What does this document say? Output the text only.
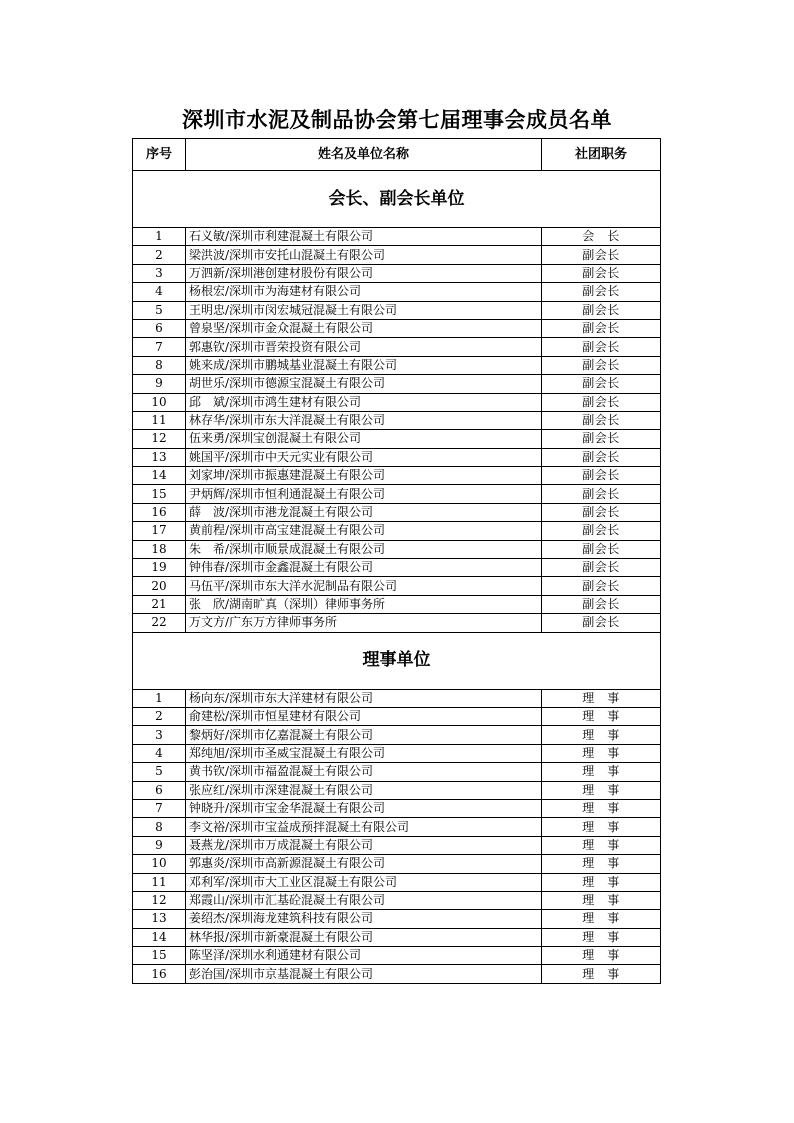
深圳市水泥及制品协会第七届理事会成员名单
序号	姓名及单位名称	社团职务
会长、副会长单位		
1	石义敏/深圳市利建混凝土有限公司	会　长
2	梁洪波/深圳市安托山混凝土有限公司	副会长
3	万泗新/深圳港创建材股份有限公司	副会长
4	杨根宏/深圳市为海建材有限公司	副会长
5	王明忠/深圳市闵宏城冠混凝土有限公司	副会长
6	曾泉坚/深圳市金众混凝土有限公司	副会长
7	郭惠钦/深圳市晋荣投资有限公司	副会长
8	姚来成/深圳市鹏城基业混凝土有限公司	副会长
9	胡世乐/深圳市德源宝混凝土有限公司	副会长
10	邱　斌/深圳市鸿生建材有限公司	副会长
11	林存华/深圳市东大洋混凝土有限公司	副会长
12	伍来勇/深圳宝创混凝土有限公司	副会长
13	姚国平/深圳市中天元实业有限公司	副会长
14	刘家坤/深圳市振惠建混凝土有限公司	副会长
15	尹炳辉/深圳市恒利通混凝土有限公司	副会长
16	薛　波/深圳市港龙混凝土有限公司	副会长
17	黄前程/深圳市高宝建混凝土有限公司	副会长
18	朱　希/深圳市顺景成混凝土有限公司	副会长
19	钟伟春/深圳市金鑫混凝土有限公司	副会长
20	马伍平/深圳市东大洋水泥制品有限公司	副会长
21	张　欣/湖南旷真（深圳）律师事务所	副会长
22	万文方/广东万方律师事务所	副会长
理事单位		
1	杨向东/深圳市东大洋建材有限公司	理　事
2	俞建松/深圳市恒星建材有限公司	理　事
3	黎炳好/深圳市亿嘉混凝土有限公司	理　事
4	郑纯旭/深圳市圣威宝混凝土有限公司	理　事
5	黄书钦/深圳市福盈混凝土有限公司	理　事
6	张应红/深圳市深建混凝土有限公司	理　事
7	钟晓升/深圳市宝金华混凝土有限公司	理　事
8	李文裕/深圳市宝益成预拌混凝土有限公司	理　事
9	聂燕龙/深圳市万成混凝土有限公司	理　事
10	郭惠炎/深圳市高新源混凝土有限公司	理　事
11	邓利军/深圳市大工业区混凝土有限公司	理　事
12	郑霞山/深圳市汇基砼混凝土有限公司	理　事
13	姜绍杰/深圳海龙建筑科技有限公司	理　事
14	林华报/深圳市新豪混凝土有限公司	理　事
15	陈坚泽/深圳水利通建材有限公司	理　事
16	彭治国/深圳市京基混凝土有限公司	理　事
